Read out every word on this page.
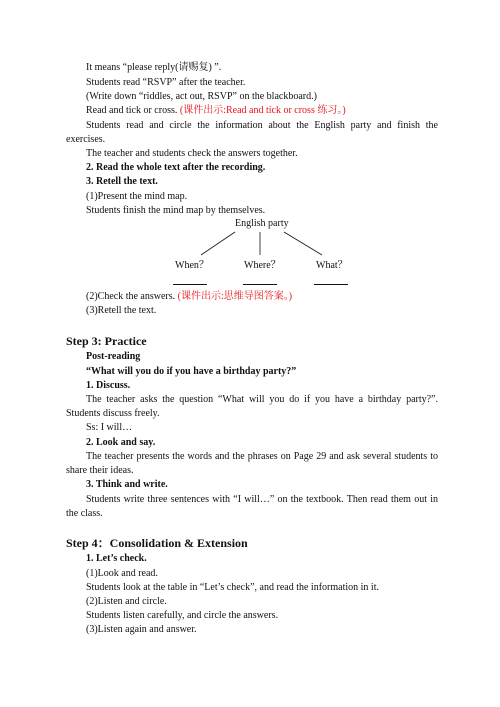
It means “please reply(请赐复) ”.
Students read “RSVP” after the teacher.
(Write down “riddles, act out, RSVP” on the blackboard.)
Read and tick or cross. (课件出示:Read and tick or cross 练习。)
Students read and circle the information about the English party and finish the
exercises.
The teacher and students check the answers together.
2. Read the whole text after the recording.
3. Retell the text.
(1)Present the mind map.
Students finish the mind map by themselves.
English party
When？	Where？	What？
(2)Check the answers. (课件出示:思维导图答案。)
(3)Retell the text.
Step 3: Practice
Post-reading
“What will you do if you have a birthday party?”
1. Discuss.
The teacher asks the question “What will you do if you have a birthday party?”.
Students discuss freely.
Ss: I will…
2. Look and say.
The teacher presents the words and the phrases on Page 29 and ask several students to
share their ideas.
3. Think and write.
Students write three sentences with “I will…” on the textbook. Then read them out in
the class.
Step 4：Consolidation & Extension
1. Let’s check.
(1)Look and read.
Students look at the table in “Let’s check”, and read the information in it.
(2)Listen and circle.
Students listen carefully, and circle the answers.
(3)Listen again and answer.
